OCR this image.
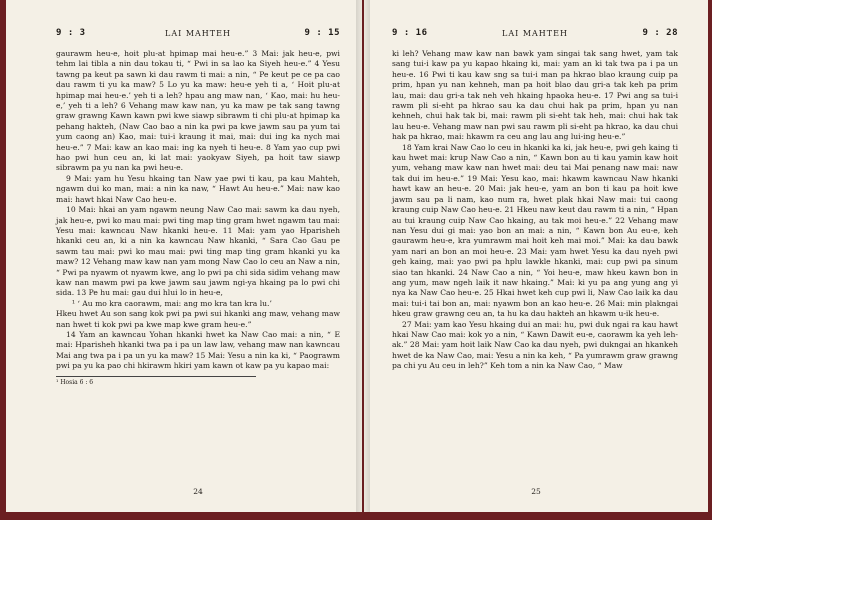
9 : 3	LAI MAHTEH	9 : 15

gaurawm heu-e, hoit plu-at hpimap mai heu-e.” 3 Mai: jak heu-e, pwi tehm lai tibla a nin dau tokau ti, “ Pwi in sa lao ka Siyeh heu-e.” 4 Yesu tawng pa keut pa sawn ki dau rawm ti mai: a nin, “ Pe keut pe ce pa cao dau rawm ti yu ka maw? 5 Lo yu ka maw: heu-e yeh ti a, ‘ Hoit plu-at hpimap mai heu-e.’ yeh ti a leh? hpau ang maw nan, ‘ Kao, mai: hu heu-e,’ yeh ti a leh? 6 Vehang maw kaw nan, yu ka maw pe tak sang tawng graw grawng Kawn kawn pwi kwe siawp sibrawm ti chi plu-at hpimap ka pehang hakteh, (Naw Cao bao a nin ka pwi pa kwe jawm sau pa yum tai yum caong an) Kao, mai: tui-i kraung it mai, mai: dui ing ka nych mai heu-e.” 7 Mai: kaw an kao mai: ing ka nyeh ti heu-e. 8 Yam yao cup pwi hao pwi hun ceu an, ki lat mai: yaokyaw Siyeh, pa hoit taw siawp sibrawm pa yu nan ka pwi heu-e.

9 Mai: yam hu Yesu hkaing tan Naw yae pwi ti kau, pa kau Mahteh, ngawm dui ko man, mai: a nin ka naw, “ Hawt Au heu-e.” Mai: naw kao mai: hawt hkai Naw Cao heu-e.

10 Mai: hkai an yam ngawm neung Naw Cao mai: sawm ka dau nyeh, jak heu-e, pwi ko mau mai: pwi ting map ting gram hwet ngawm tau mai: Yesu mai: kawncau Naw hkanki heu-e. 11 Mai: yam yao Hparisheh hkanki ceu an, ki a nin ka kawncau Naw hkanki, “ Sara Cao Gau pe sawm tau mai: pwi ko mau mai: pwi ting map ting gram hkanki yu ka maw? 12 Vehang maw kaw nan yam mong Naw Cao lo ceu an Naw a nin, “ Pwi pa nyawm ot nyawm kwe, ang lo pwi pa chi sida sidim vehang maw kaw nan mawm pwi pa kwe jawm sau jawm ngi-ya hkaing pa lo pwi chi sida. 13 Pe hu mai: gau dui hlui lo in heu-e,

¹ ‘ Au mo kra caorawm, mai: ang mo kra tan kra lu.’

Hkeu hwet Au son sang kok pwi pa pwi sui hkanki ang maw, vehang maw nan hwet ti kok pwi pa kwe map kwe gram heu-e.”

14 Yam an kawncau Yohan hkanki hwet ka Naw Cao mai: a nin, “ E mai: Hparisheh hkanki twa pa i pa un law law, vehang maw nan kawncau Mai ang twa pa i pa un yu ka maw? 15 Mai: Yesu a nin ka ki, “ Paograwm pwi pa yu ka pao chi hkirawm hkiri yam kawn ot kaw pa yu kapao mai:

¹ Hosia 6 : 6
24
9 : 16	LAI MAHTEH	9 : 28

ki leh? Vehang maw kaw nan bawk yam singai tak sang hwet, yam tak sang tui-i kaw pa yu kapao hkaing ki, mai: yam an ki tak twa pa i pa un heu-e. 16 Pwi ti kau kaw sng sa tui-i man pa hkrao blao kraung cuip pa prim, hpan yu nan kehneh, man pa hoit blao dau gri-a tak keh pa prim lau, mai: dau gri-a tak neh veh hkaing hpaoka heu-e. 17 Pwi ang sa tui-i rawm pli si-eht pa hkrao sau ka dau chui hak pa prim, hpan yu nan kehneh, chui hak tak bi, mai: rawm pli si-eht tak heh, mai: chui hak tak lau heu-e. Vehang maw nan pwi sau rawm pli si-eht pa hkrao, ka dau chui hak pa hkrao, mai: hkawm ra ceu ang lau ang lui-ing heu-e.”

18 Yam krai Naw Cao lo ceu in hkanki ka ki, jak heu-e, pwi geh kaing ti kau hwet mai: krup Naw Cao a nin, “ Kawn bon au ti kau yamin kaw hoit yum, vehang maw kaw nan hwet mai: deu tai Mai penang naw mai: naw tak dui im heu-e.” 19 Mai: Yesu kao, mai: hkawm kawncau Naw hkanki hawt kaw an heu-e. 20 Mai: jak heu-e, yam an bon ti kau pa hoit kwe jawm sau pa li nam, kao num ra, hwet plak hkai Naw mai: tui caong kraung cuip Naw Cao heu-e. 21 Hkeu naw keut dau rawm ti a nin, “ Hpan au tui kraung cuip Naw Cao hkaing, au tak moi heu-e.” 22 Vehang maw nan Yesu dui gi mai: yao bon an mai: a nin, “ Kawn bon Au eu-e, keh gaurawm heu-e, kra yumrawm mai hoit keh mai moi.” Mai: ka dau bawk yam nari an bon an moi heu-e. 23 Mai: yam hwet Yesu ka dau nyeh pwi geh kaing, mai: yao pwi pa hplu lawkle hkanki, mai: cup pwi pa sinum siao tan hkanki. 24 Naw Cao a nin, “ Yoi heu-e, maw hkeu kawn bon in ang yum, maw ngeh laik it naw hkaing.” Mai: ki yu pa ang yung ang yi nya ka Naw Cao heu-e. 25 Hkai hwet keh cup pwi li, Naw Cao laik ka dau mai: tui-i tai bon an, mai: nyawm bon an kao heu-e. 26 Mai: min plakngai hkeu graw grawng ceu an, ta hu ka dau hakteh an hkawm u-ik heu-e.

27 Mai: yam kao Yesu hkaing dui an mai: hu, pwi duk ngai ra kau hawt hkai Naw Cao mai: kok yo a nin, “ Kawn Dawit eu-e, caorawm ka yeh leh-ak.” 28 Mai: yam hoit laik Naw Cao ka dau nyeh, pwi dukngai an hkankeh hwet de ka Naw Cao, mai: Yesu a nin ka keh, “ Pa yumrawm graw grawng pa chi yu Au ceu in leh?” Keh tom a nin ka Naw Cao, “ Maw

25
